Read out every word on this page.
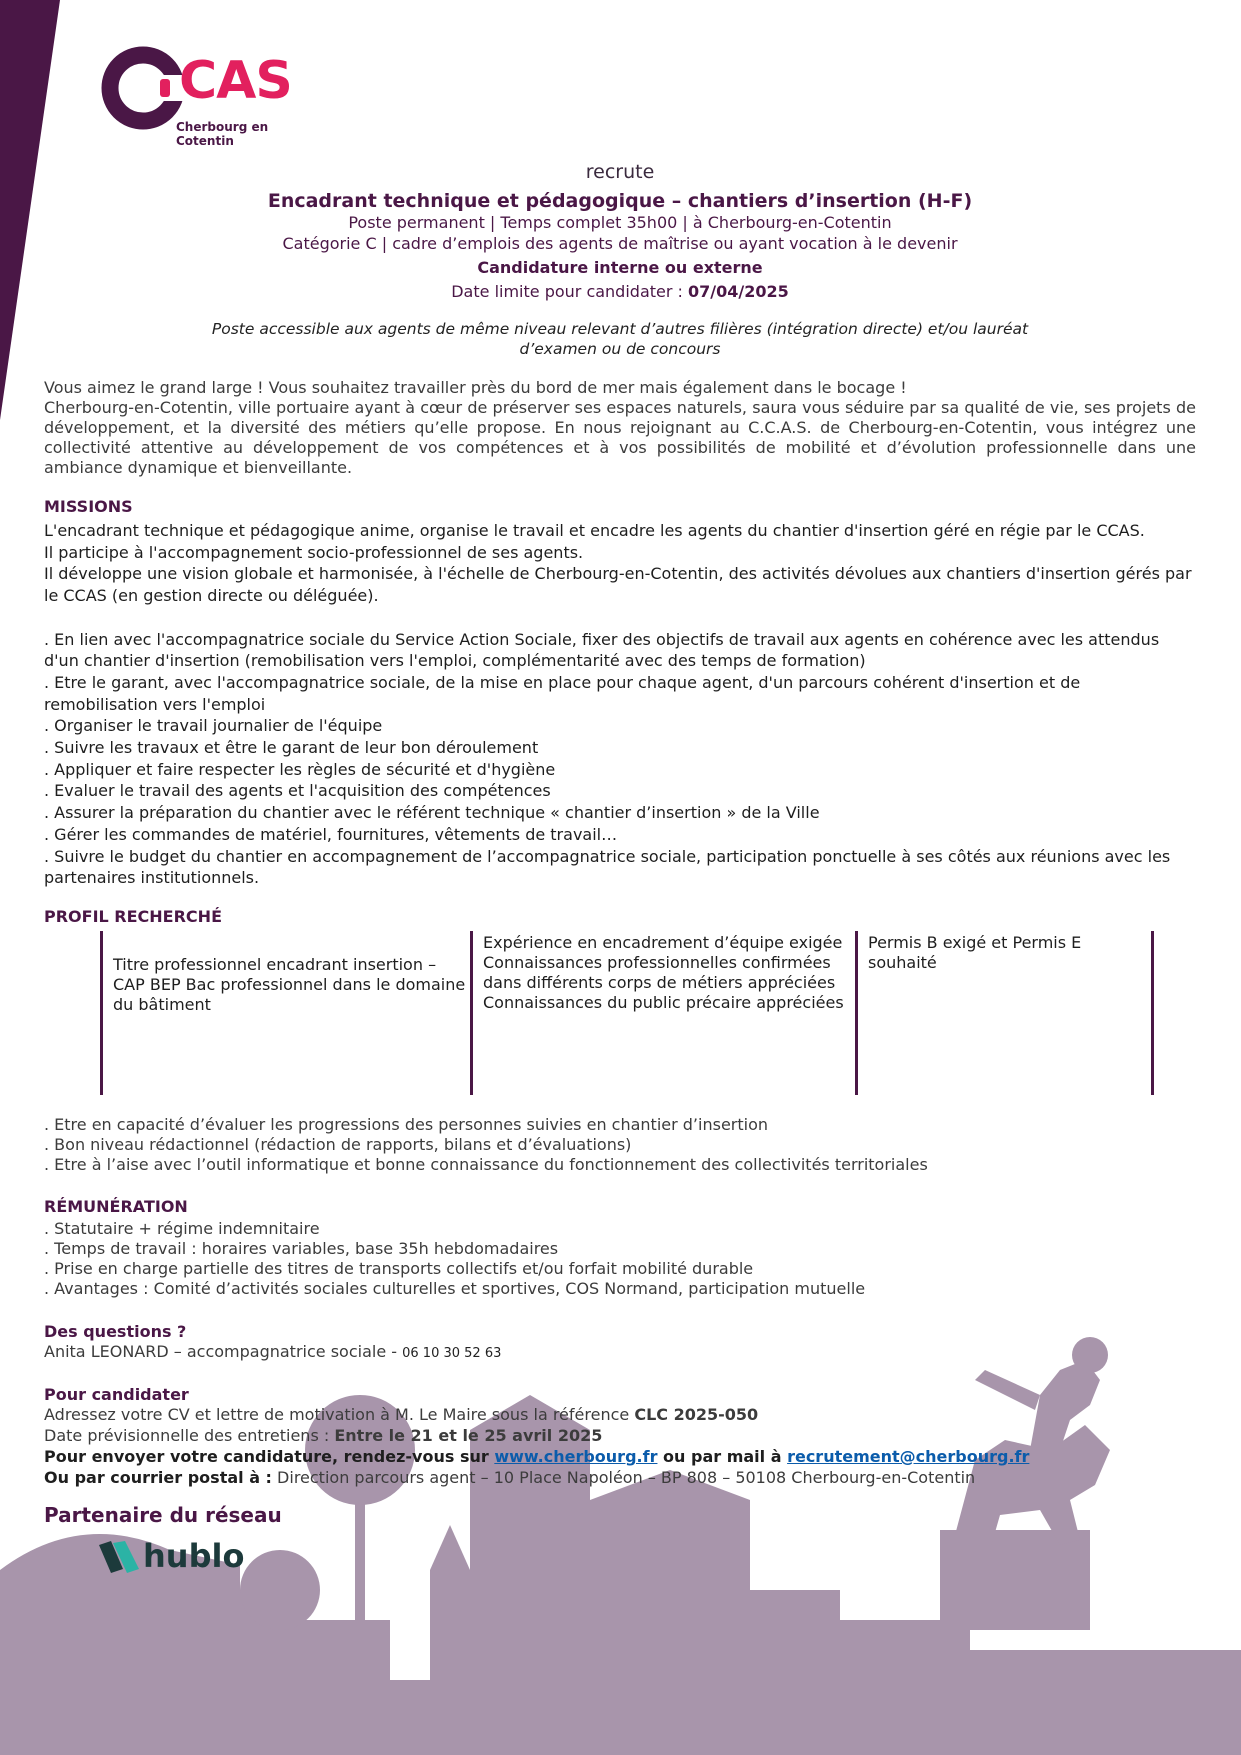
CAS
Cherbourg en Cotentin

recrute

Encadrant technique et pédagogique – chantiers d’insertion (H-F)

Poste permanent | Temps complet 35h00 | à Cherbourg-en-Cotentin

Catégorie C | cadre d’emplois des agents de maîtrise ou ayant vocation à le devenir

Candidature interne ou externe

Date limite pour candidater : 07/04/2025

Poste accessible aux agents de même niveau relevant d’autres filières (intégration directe) et/ou lauréat
d’examen ou de concours

Vous aimez le grand large ! Vous souhaitez travailler près du bord de mer mais également dans le bocage !

Cherbourg-en-Cotentin, ville portuaire ayant à cœur de préserver ses espaces naturels, saura vous séduire par sa qualité de vie, ses projets de développement, et la diversité des métiers qu’elle propose. En nous rejoignant au C.C.A.S. de Cherbourg-en-Cotentin, vous intégrez une collectivité attentive au développement de vos compétences et à vos possibilités de mobilité et d’évolution professionnelle dans une ambiance dynamique et bienveillante.

MISSIONS

L'encadrant technique et pédagogique anime, organise le travail et encadre les agents du chantier d'insertion géré en régie par le CCAS.

Il participe à l'accompagnement socio-professionnel de ses agents.

Il développe une vision globale et harmonisée, à l'échelle de Cherbourg-en-Cotentin, des activités dévolues aux chantiers d'insertion gérés par le CCAS (en gestion directe ou déléguée).

. En lien avec l'accompagnatrice sociale du Service Action Sociale, fixer des objectifs de travail aux agents en cohérence avec les attendus d'un chantier d'insertion (remobilisation vers l'emploi, complémentarité avec des temps de formation)

. Etre le garant, avec l'accompagnatrice sociale, de la mise en place pour chaque agent, d'un parcours cohérent d'insertion et de remobilisation vers l'emploi

. Organiser le travail journalier de l'équipe

. Suivre les travaux et être le garant de leur bon déroulement

. Appliquer et faire respecter les règles de sécurité et d'hygiène

. Evaluer le travail des agents et l'acquisition des compétences

. Assurer la préparation du chantier avec le référent technique « chantier d’insertion » de la Ville

. Gérer les commandes de matériel, fournitures, vêtements de travail…

. Suivre le budget du chantier en accompagnement de l’accompagnatrice sociale, participation ponctuelle à ses côtés aux réunions avec les partenaires institutionnels.

PROFIL RECHERCHÉ

Titre professionnel encadrant insertion – CAP BEP Bac professionnel dans le domaine du bâtiment

Expérience en encadrement d’équipe exigée

Connaissances professionnelles confirmées dans différents corps de métiers appréciées

Connaissances du public précaire appréciées

Permis B exigé et Permis E souhaité

. Etre en capacité d’évaluer les progressions des personnes suivies en chantier d’insertion

. Bon niveau rédactionnel (rédaction de rapports, bilans et d’évaluations)

. Etre à l’aise avec l’outil informatique et bonne connaissance du fonctionnement des collectivités territoriales

RÉMUNÉRATION

. Statutaire + régime indemnitaire

. Temps de travail : horaires variables, base 35h hebdomadaires

. Prise en charge partielle des titres de transports collectifs et/ou forfait mobilité durable

. Avantages : Comité d’activités sociales culturelles et sportives, COS Normand, participation mutuelle

Des questions ?
Anita LEONARD – accompagnatrice sociale - 06 10 30 52 63
Pour candidater

Adressez votre CV et lettre de motivation à M. Le Maire sous la référence CLC 2025-050

Date prévisionnelle des entretiens : Entre le 21 et le 25 avril 2025

Pour envoyer votre candidature, rendez-vous sur www.cherbourg.fr ou par mail à recrutement@cherbourg.fr

Ou par courrier postal à : Direction parcours agent – 10 Place Napoléon – BP 808 – 50108 Cherbourg-en-Cotentin

Partenaire du réseau
hublo
